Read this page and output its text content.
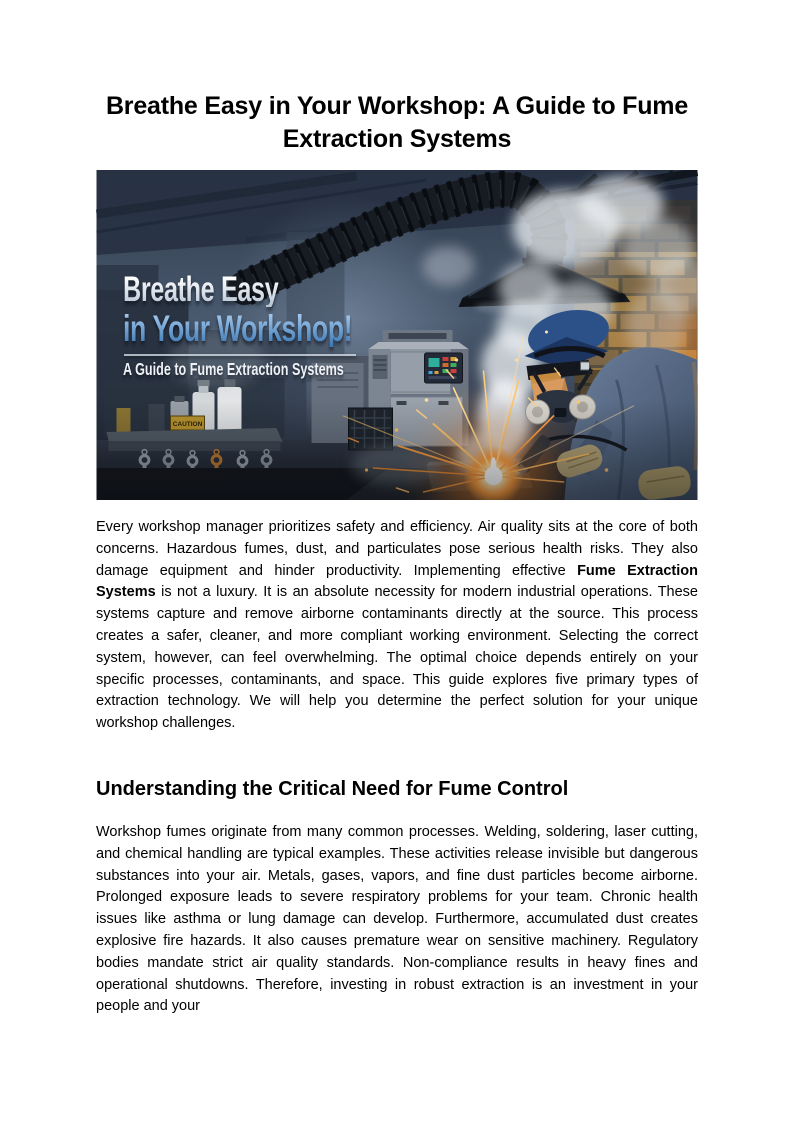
Breathe Easy in Your Workshop: A Guide to Fume Extraction Systems
A Guide to Fume Extraction Systems

Every workshop manager prioritizes safety and efficiency. Air quality sits at the core of both concerns. Hazardous fumes, dust, and particulates pose serious health risks. They also damage equipment and hinder productivity. Implementing effective Fume Extraction Systems is not a luxury. It is an absolute necessity for modern industrial operations. These systems capture and remove airborne contaminants directly at the source. This process creates a safer, cleaner, and more compliant working environment. Selecting the correct system, however, can feel overwhelming. The optimal choice depends entirely on your specific processes, contaminants, and space. This guide explores five primary types of extraction technology. We will help you determine the perfect solution for your unique workshop challenges.

Understanding the Critical Need for Fume Control

Workshop fumes originate from many common processes. Welding, soldering, laser cutting, and chemical handling are typical examples. These activities release invisible but dangerous substances into your air. Metals, gases, vapors, and fine dust particles become airborne. Prolonged exposure leads to severe respiratory problems for your team. Chronic health issues like asthma or lung damage can develop. Furthermore, accumulated dust creates explosive fire hazards. It also causes premature wear on sensitive machinery. Regulatory bodies mandate strict air quality standards. Non-compliance results in heavy fines and operational shutdowns. Therefore, investing in robust extraction is an investment in your people and your
